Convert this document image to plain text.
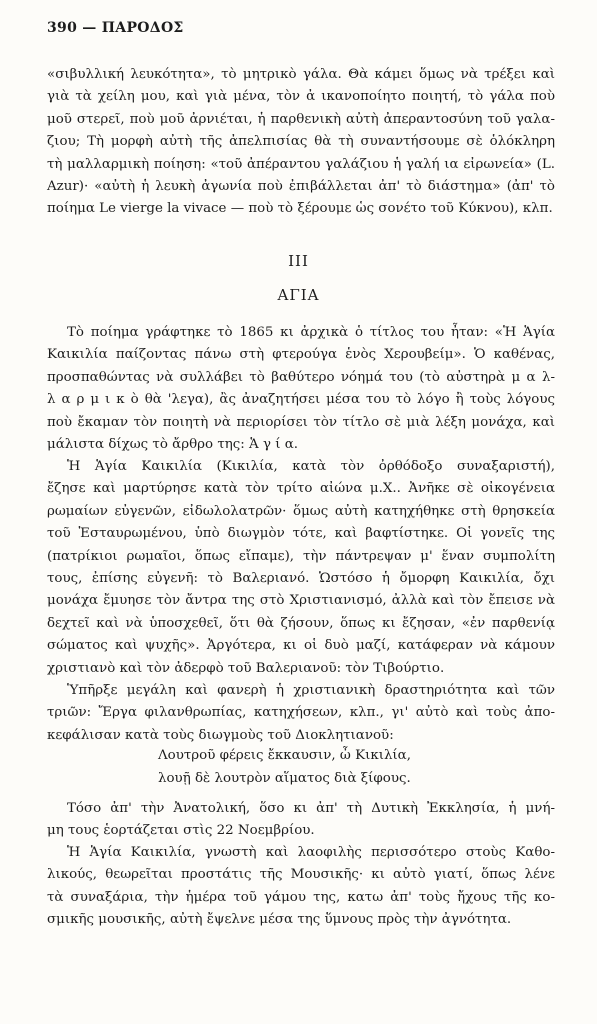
390 — ΠΑΡΟΔΟΣ
«σιβυλλική λευκότητα», τὸ μητρικὸ γάλα. Θὰ κάμει ὅμως νὰ τρέξει καὶ
γιὰ τὰ χείλη μου, καὶ γιὰ μένα, τὸν ἀ ικανοποίητο ποιητή, τὸ γάλα ποὺ
μοῦ στερεῖ, ποὺ μοῦ ἀρνιέται, ἡ παρθενικὴ αὐτὴ ἀπεραντοσύνη τοῦ γαλα-
ζιου; Τὴ μορφὴ αὐτὴ τῆς ἀπελπισίας θὰ τὴ συναντήσουμε σὲ ὁλόκληρη
τὴ μαλλαρμικὴ ποίηση: «τοῦ ἀπέραντου γαλάζιου ἡ γαλή ια εἰρωνεία» (L.
Azur)· «αὐτὴ ἡ λευκὴ ἀγωνία ποὺ ἐπιβάλλεται ἀπ' τὸ διάστημα» (ἀπ' τὸ
ποίημα Le vierge la vivace — ποὺ τὸ ξέρουμε ὡς σονέτο τοῦ Κύκνου), κλπ.
III
ΑΓΙΑ
Τὸ ποίημα γράφτηκε τὸ 1865 κι ἀρχικὰ ὁ τίτλος του ἦταν: «Ἡ Ἁγία
Καικιλία παίζοντας πάνω στὴ φτερούγα ἑνὸς Χερουβείμ». Ὁ καθένας,
προσπαθώντας νὰ συλλάβει τὸ βαθύτερο νόημά του (τὸ αὐστηρὰ μ α λ-
λ α ρ μ ι κ ὸ θὰ 'λεγα), ἂς ἀναζητήσει μέσα του τὸ λόγο ἢ τοὺς λόγους
ποὺ ἔκαμαν τὸν ποιητὴ νὰ περιορίσει τὸν τίτλο σὲ μιὰ λέξη μονάχα, καὶ
μάλιστα δίχως τὸ ἄρθρο της: Ἁ γ ί α.
Ἡ Ἁγία Καικιλία (Κικιλία, κατὰ τὸν ὀρθόδοξο συναξαριστή),
ἔζησε καὶ μαρτύρησε κατὰ τὸν τρίτο αἰώνα μ.Χ.. Ἀνῆκε σὲ οἰκογένεια
ρωμαίων εὐγενῶν, εἰδωλολατρῶν· ὅμως αὐτὴ κατηχήθηκε στὴ θρησκεία
τοῦ Ἐσταυρωμένου, ὑπὸ διωγμὸν τότε, καὶ βαφτίστηκε. Οἱ γονεῖς της
(πατρίκιοι ρωμαῖοι, ὅπως εἴπαμε), τὴν πάντρεψαν μ' ἕναν συμπολίτη
τους, ἐπίσης εὐγενῆ: τὸ Βαλεριανό. Ὡστόσο ἡ ὄμορφη Καικιλία, ὄχι
μονάχα ἔμυησε τὸν ἄντρα της στὸ Χριστιανισμό, ἀλλὰ καὶ τὸν ἔπεισε νὰ
δεχτεῖ καὶ νὰ ὑποσχεθεῖ, ὅτι θὰ ζήσουν, ὅπως κι ἔζησαν, «ἐν παρθενίᾳ
σώματος καὶ ψυχῆς». Ἀργότερα, κι οἱ δυὸ μαζί, κατάφεραν νὰ κάμουν
χριστιανὸ καὶ τὸν ἀδερφὸ τοῦ Βαλεριανοῦ: τὸν Τιβούρτιο.
Ὑπῆρξε μεγάλη καὶ φανερὴ ἡ χριστιανικὴ δραστηριότητα καὶ τῶν
τριῶν: Ἔργα φιλανθρωπίας, κατηχήσεων, κλπ., γι' αὐτὸ καὶ τοὺς ἀπο-
κεφάλισαν κατὰ τοὺς διωγμοὺς τοῦ Διοκλητιανοῦ:
Λουτροῦ φέρεις ἔκκαυσιν, ὦ Κικιλία,
λουῇ δὲ λουτρὸν αἵματος διὰ ξίφους.
Τόσο ἀπ' τὴν Ἀνατολική, ὅσο κι ἀπ' τὴ Δυτικὴ Ἐκκλησία, ἡ μνή-
μη τους ἑορτάζεται στὶς 22 Νοεμβρίου.
Ἡ Ἁγία Καικιλία, γνωστὴ καὶ λαοφιλὴς περισσότερο στοὺς Καθο-
λικούς, θεωρεῖται προστάτις τῆς Μουσικῆς· κι αὐτὸ γιατί, ὅπως λένε
τὰ συναξάρια, τὴν ἡμέρα τοῦ γάμου της, κατω ἀπ' τοὺς ἤχους τῆς κο-
σμικῆς μουσικῆς, αὐτὴ ἔψελνε μέσα της ὕμνους πρὸς τὴν ἀγνότητα.
